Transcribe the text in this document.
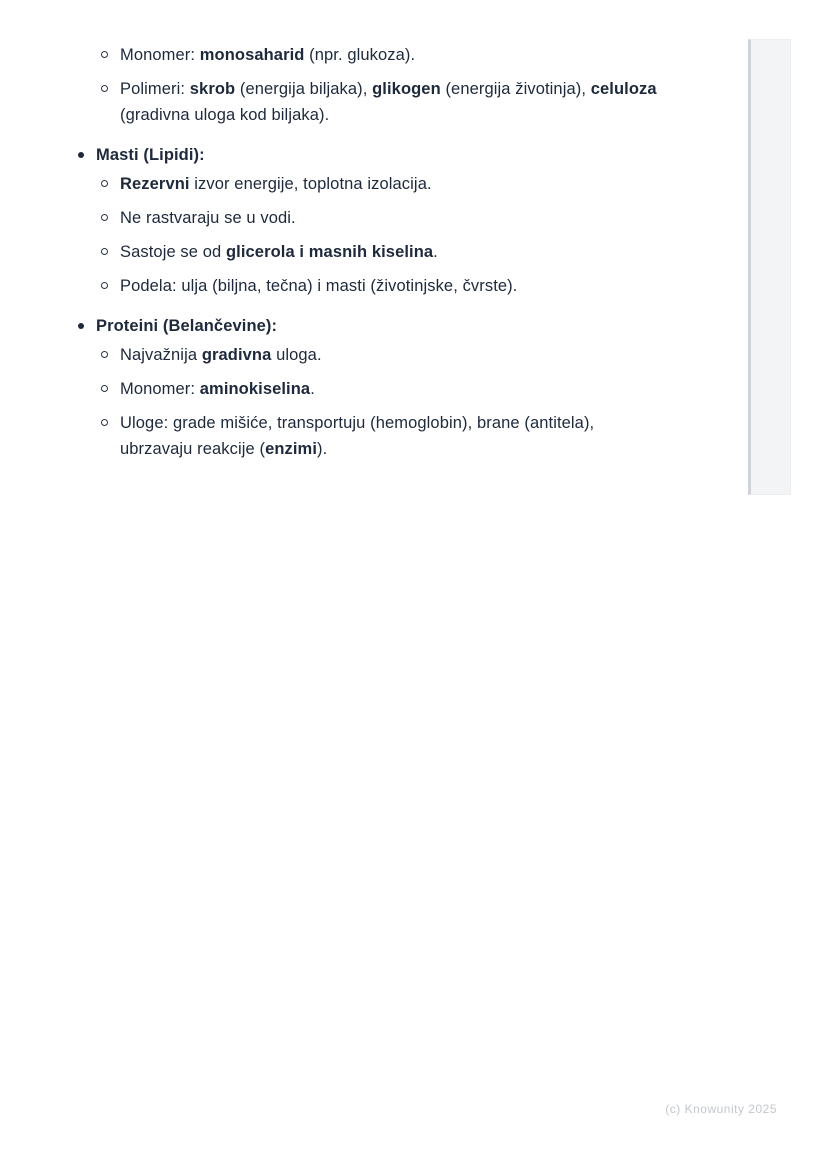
Monomer: monosaharid (npr. glukoza).
Polimeri: skrob (energija biljaka), glikogen (energija životinja), celuloza
(gradivna uloga kod biljaka).
Masti (Lipidi):
Rezervni izvor energije, toplotna izolacija.
Ne rastvaraju se u vodi.
Sastoje se od glicerola i masnih kiselina.
Podela: ulja (biljna, tečna) i masti (životinjske, čvrste).
Proteini (Belančevine):
Najvažnija gradivna uloga.
Monomer: aminokiselina.
Uloge: grade mišiće, transportuju (hemoglobin), brane (antitela),
ubrzavaju reakcije (enzimi).
(c) Knowunity 2025
